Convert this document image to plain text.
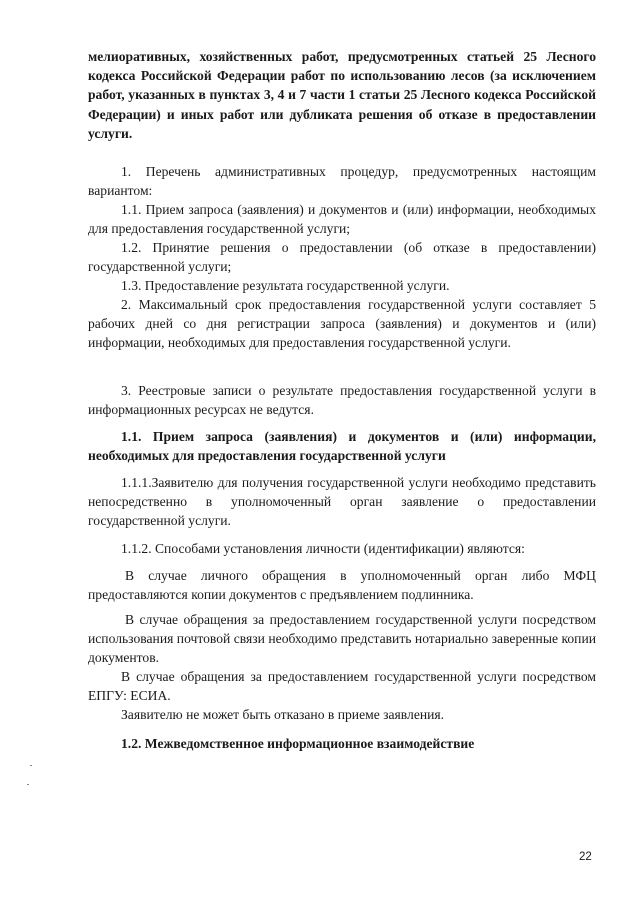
мелиоративных, хозяйственных работ, предусмотренных статьей 25 Лесного кодекса Российской Федерации работ по использованию лесов (за исключением работ, указанных в пунктах 3, 4 и 7 части 1 статьи 25 Лесного кодекса Российской Федерации) и иных работ или дубликата решения об отказе в предоставлении услуги.
1. Перечень административных процедур, предусмотренных настоящим вариантом:
1.1. Прием запроса (заявления) и документов и (или) информации, необходимых для предоставления государственной услуги;
1.2. Принятие решения о предоставлении (об отказе в предоставлении) государственной услуги;
1.3. Предоставление результата государственной услуги.
2. Максимальный срок предоставления государственной услуги составляет 5 рабочих дней со дня регистрации запроса (заявления) и документов и (или) информации, необходимых для предоставления государственной услуги.
3. Реестровые записи о результате предоставления государственной услуги в информационных ресурсах не ведутся.
1.1. Прием запроса (заявления) и документов и (или) информации, необходимых для предоставления государственной услуги
1.1.1.Заявителю для получения государственной услуги необходимо представить непосредственно в уполномоченный орган заявление о предоставлении государственной услуги.
1.1.2. Способами установления личности (идентификации) являются:
В случае личного обращения в уполномоченный орган либо МФЦ предоставляются копии документов с предъявлением подлинника.
В случае обращения за предоставлением государственной услуги посредством использования почтовой связи необходимо представить нотариально заверенные копии документов.
В случае обращения за предоставлением государственной услуги посредством ЕПГУ: ЕСИА.
Заявителю не может быть отказано в приеме заявления.
1.2. Межведомственное информационное взаимодействие
22
